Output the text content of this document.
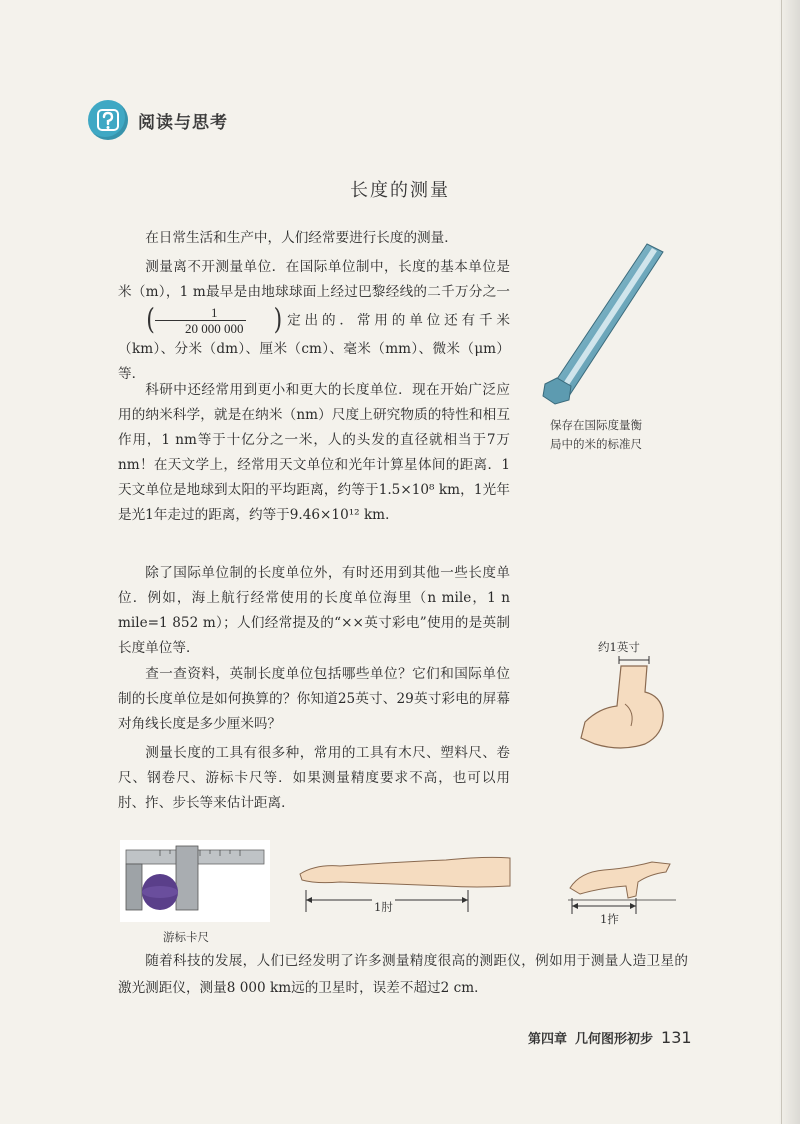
阅读与思考
长度的测量

在日常生活和生产中，人们经常要进行长度的测量．

测量离不开测量单位．在国际单位制中，长度的基本单位是米（m），1 m最早是由地球球面上经过巴黎经线的二千万分之一
( $\frac{1}{20 000 000}$	) 定出的．常用的单位还有千米（km）、分米（dm）、厘米（cm）、毫米（mm）、微米（μm）等．

科研中还经常用到更小和更大的长度单位．现在开始广泛应用的纳米科学，就是在纳米（nm）尺度上研究物质的特性和相互作用，1 nm等于十亿分之一米，人的头发的直径就相当于7万nm！在天文学上，经常用天文单位和光年计算星体间的距离．1天文单位是地球到太阳的平均距离，约等于1.5×10⁸ km，1光年是光1年走过的距离，约等于9.46×10¹² km．

除了国际单位制的长度单位外，有时还用到其他一些长度单位．例如，海上航行经常使用的长度单位海里（n mile，1 n mile=1 852 m）；人们经常提及的“××英寸彩电”使用的是英制长度单位等．

查一查资料，英制长度单位包括哪些单位？它们和国际单位制的长度单位是如何换算的？你知道25英寸、29英寸彩电的屏幕对角线长度是多少厘米吗？

测量长度的工具有很多种，常用的工具有木尺、塑料尺、卷尺、钢卷尺、游标卡尺等．如果测量精度要求不高，也可以用肘、拃、步长等来估计距离．

保存在国际度量衡
局中的米的标准尺
约1英寸
游标卡尺
1肘
1拃

随着科技的发展，人们已经发明了许多测量精度很高的测距仪，例如用于测量人造卫星的激光测距仪，测量8 000 km远的卫星时，误差不超过2 cm．

第四章 几何图形初步 131
